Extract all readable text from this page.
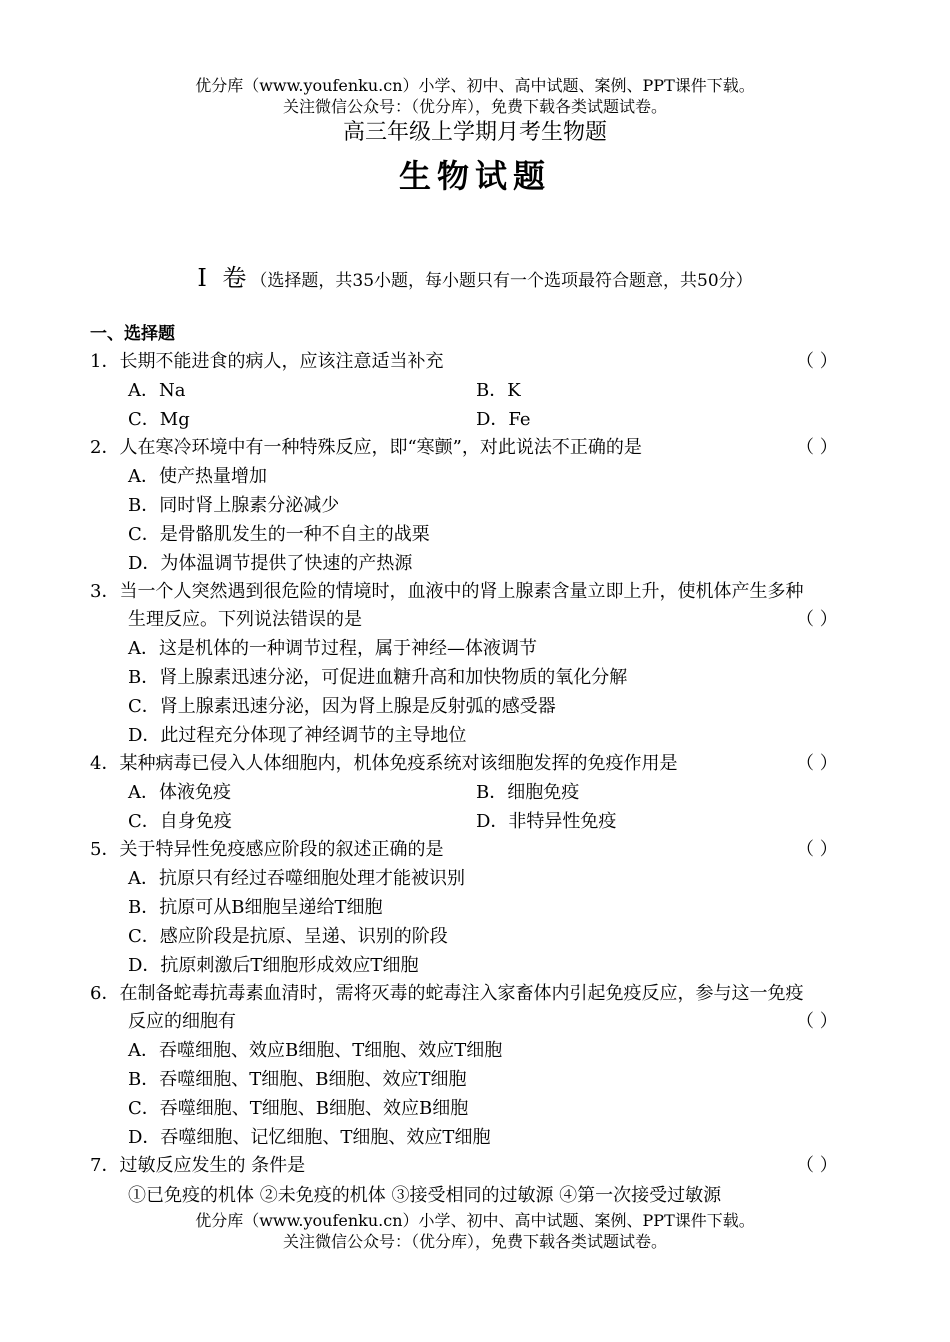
优分库（www.youfenku.cn）小学、初中、高中试题、案例、PPT课件下载。
关注微信公众号：（优分库），免费下载各类试题试卷。
高三年级上学期月考生物题
生物试题
Ⅰ 卷（选择题，共35小题，每小题只有一个选项最符合题意，共50分）
一、选择题
1．长期不能进食的病人，应该注意适当补充	（ ）
A．Na	B．K
C．Mg	D．Fe
2．人在寒冷环境中有一种特殊反应，即“寒颤”，对此说法不正确的是	（ ）
A．使产热量增加
B．同时肾上腺素分泌减少
C．是骨骼肌发生的一种不自主的战栗
D．为体温调节提供了快速的产热源
3．当一个人突然遇到很危险的情境时，血液中的肾上腺素含量立即上升，使机体产生多种
生理反应。下列说法错误的是	（ ）
A．这是机体的一种调节过程，属于神经—体液调节
B．肾上腺素迅速分泌，可促进血糖升高和加快物质的氧化分解
C．肾上腺素迅速分泌，因为肾上腺是反射弧的感受器
D．此过程充分体现了神经调节的主导地位
4．某种病毒已侵入人体细胞内，机体免疫系统对该细胞发挥的免疫作用是	（ ）
A．体液免疫	B．细胞免疫
C．自身免疫	D．非特异性免疫
5．关于特异性免疫感应阶段的叙述正确的是	（ ）
A．抗原只有经过吞噬细胞处理才能被识别
B．抗原可从B细胞呈递给T细胞
C．感应阶段是抗原、呈递、识别的阶段
D．抗原刺激后T细胞形成效应T细胞
6．在制备蛇毒抗毒素血清时，需将灭毒的蛇毒注入家畜体内引起免疫反应，参与这一免疫
反应的细胞有	（ ）
A．吞噬细胞、效应B细胞、T细胞、效应T细胞
B．吞噬细胞、T细胞、B细胞、效应T细胞
C．吞噬细胞、T细胞、B细胞、效应B细胞
D．吞噬细胞、记忆细胞、T细胞、效应T细胞
7．过敏反应发生的 条件是	（ ）
①已免疫的机体 ②未免疫的机体 ③接受相同的过敏源 ④第一次接受过敏源
优分库（www.youfenku.cn）小学、初中、高中试题、案例、PPT课件下载。
关注微信公众号：（优分库），免费下载各类试题试卷。
